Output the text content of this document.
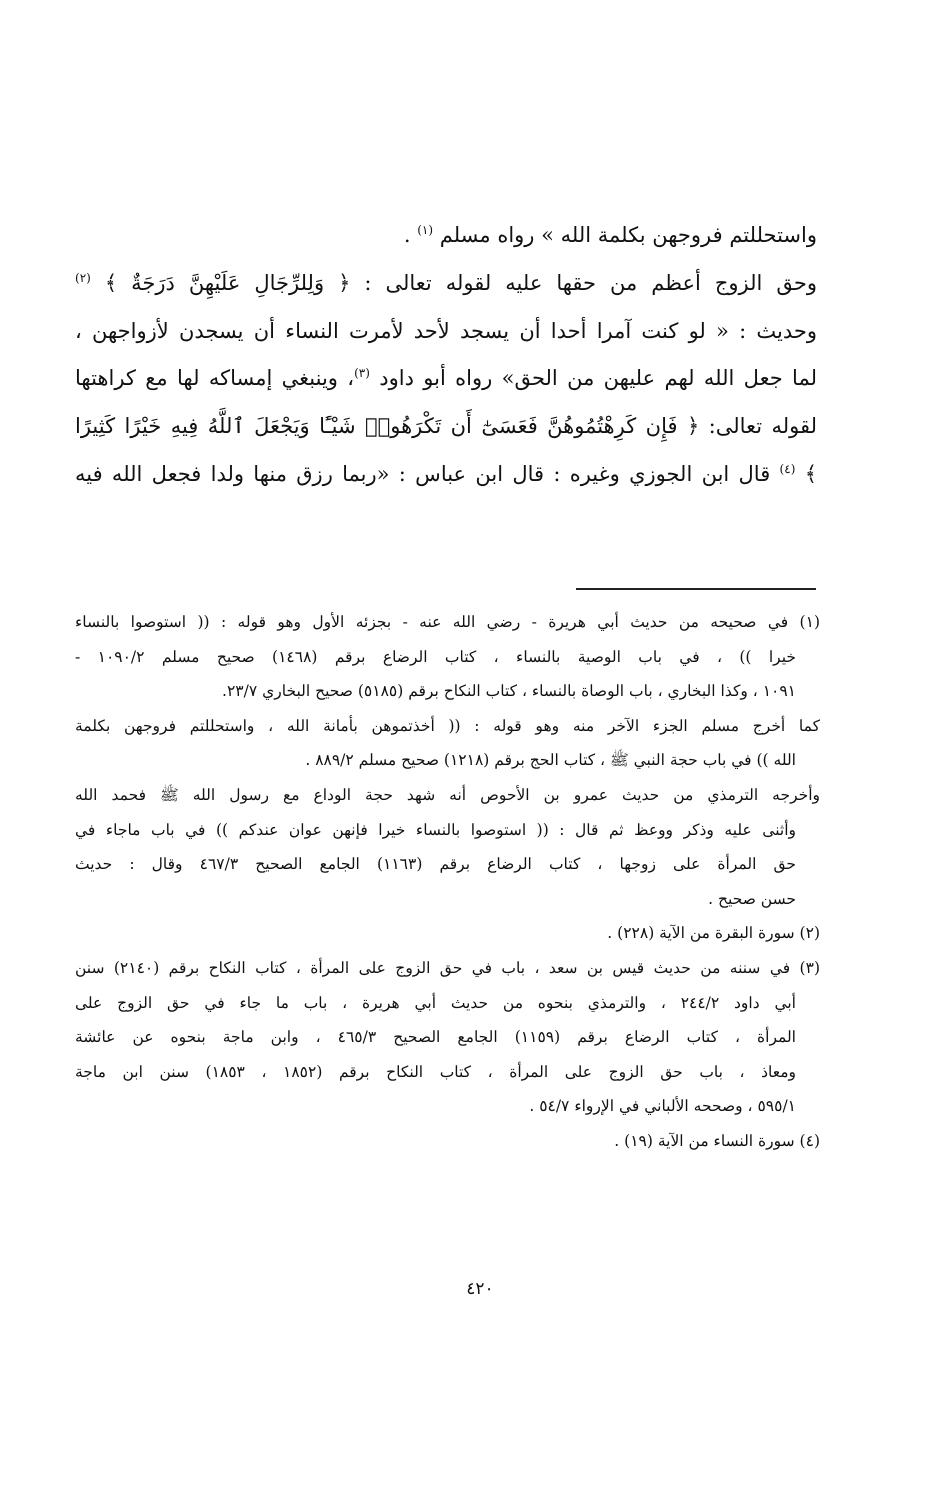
واستحللتم فروجهن بكلمة الله » رواه مسلم $^{(١)}$ .
وحق الزوج أعظم من حقها عليه لقوله تعالى : ﴿ وَلِلرِّجَالِ عَلَيْهِنَّ دَرَجَةٌ ﴾ $^{(٢)}$
وحديث : « لو كنت آمرا أحدا أن يسجد لأحد لأمرت النساء أن يسجدن لأزواجهن ،
لما جعل الله لهم عليهن من الحق» رواه أبو داود $^{(٣)}$، وينبغي إمساكه لها مع كراهتها
لقوله تعالى: ﴿ فَإِن كَرِهْتُمُوهُنَّ فَعَسَىٰٓ أَن تَكْرَهُوا۟ شَيْـًٔا وَيَجْعَلَ ٱللَّهُ فِيهِ خَيْرًا كَثِيرًا
﴾ $^{(٤)}$ قال ابن الجوزي وغيره : قال ابن عباس : «ربما رزق منها ولدا فجعل الله فيه
(١) في صحيحه من حديث أبي هريرة - رضي الله عنه - بجزئه الأول وهو قوله : (( استوصوا بالنساء
خيرا )) ، في باب الوصية بالنساء ، كتاب الرضاع برقم (١٤٦٨) صحيح مسلم ١٠٩٠/٢ -
١٠٩١ ، وكذا البخاري ، باب الوصاة بالنساء ، كتاب النكاح برقم (٥١٨٥) صحيح البخاري ٢٣/٧.
كما أخرج مسلم الجزء الآخر منه وهو قوله : (( أخذتموهن بأمانة الله ، واستحللتم فروجهن بكلمة
الله )) في باب حجة النبي ﷺ ، كتاب الحج برقم (١٢١٨) صحيح مسلم ٨٨٩/٢ .
وأخرجه الترمذي من حديث عمرو بن الأحوص أنه شهد حجة الوداع مع رسول الله ﷺ فحمد الله
وأثنى عليه وذكر ووعظ ثم قال : (( استوصوا بالنساء خيرا فإنهن عوان عندكم )) في باب ماجاء في
حق المرأة على زوجها ، كتاب الرضاع برقم (١١٦٣) الجامع الصحيح ٤٦٧/٣ وقال : حديث
حسن صحيح .
(٢) سورة البقرة من الآية (٢٢٨) .
(٣) في سننه من حديث قيس بن سعد ، باب في حق الزوج على المرأة ، كتاب النكاح برقم (٢١٤٠) سنن
أبي داود ٢٤٤/٢ ، والترمذي بنحوه من حديث أبي هريرة ، باب ما جاء في حق الزوج على
المرأة ، كتاب الرضاع برقم (١١٥٩) الجامع الصحيح ٤٦٥/٣ ، وابن ماجة بنحوه عن عائشة
ومعاذ ، باب حق الزوج على المرأة ، كتاب النكاح برقم (١٨٥٢ ، ١٨٥٣) سنن ابن ماجة
٥٩٥/١ ، وصححه الألباني في الإرواء ٥٤/٧ .
(٤) سورة النساء من الآية (١٩) .
٤٢٠
